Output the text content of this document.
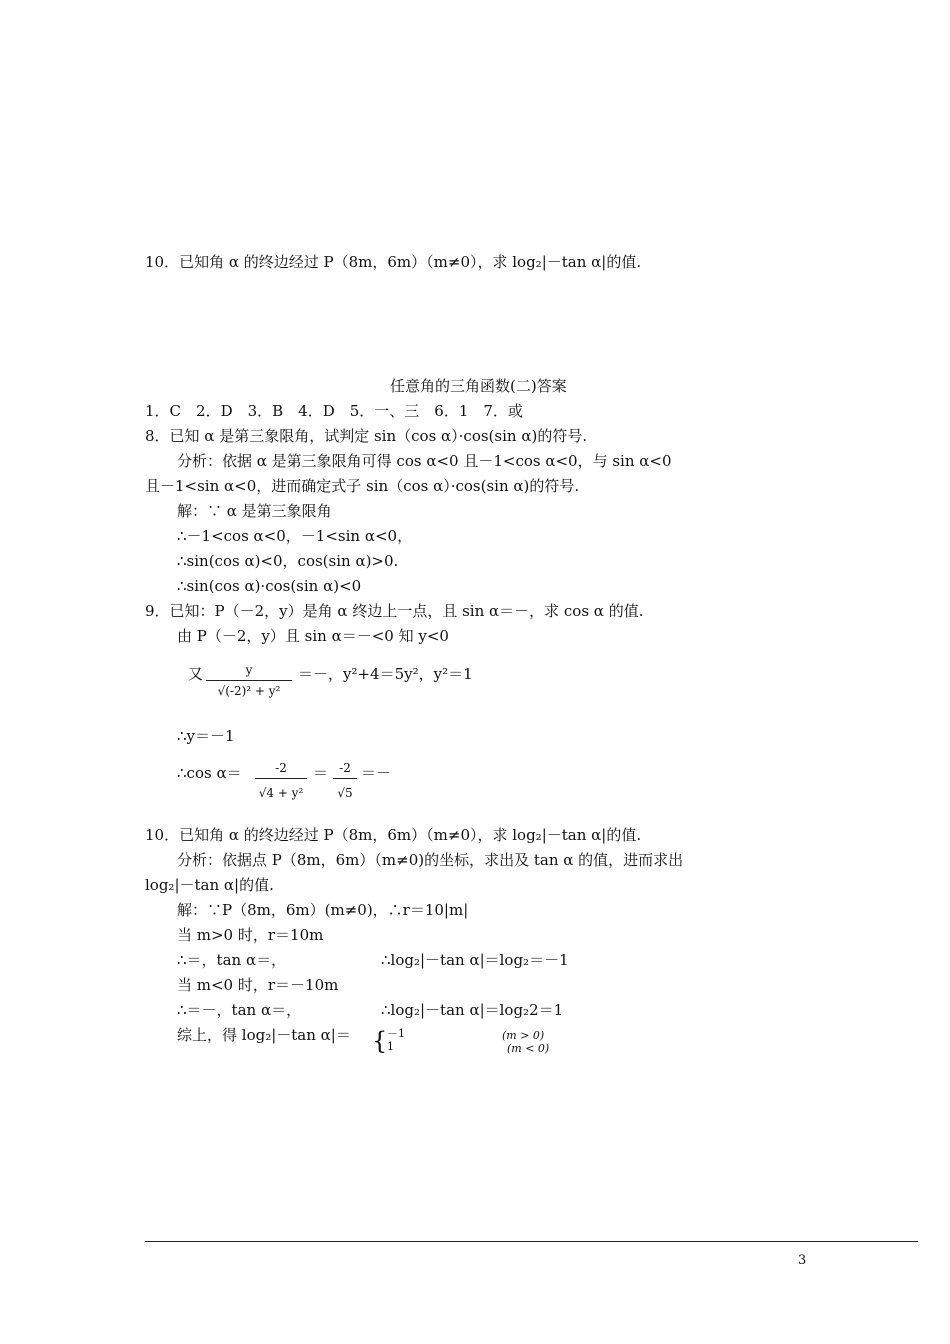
10．已知角 α 的终边经过 P（8m，6m）（m≠0），求 log₂|－tan α|的值.
任意角的三角函数(二)答案
1．C　2．D　3．B　4．D　5．一、三　6．1　7．或
8．已知 α 是第三象限角，试判定 sin（cos α）·cos(sin α)的符号.
分析：依据 α 是第三象限角可得 cos α<0 且－1<cos α<0，与 sin α<0
且－1<sin α<0，进而确定式子 sin（cos α）·cos(sin α)的符号.
解：∵ α 是第三象限角
∴－1<cos α<0，－1<sin α<0，
∴sin(cos α)<0，cos(sin α)>0.
∴sin(cos α)·cos(sin α)<0
9．已知：P（－2，y）是角 α 终边上一点，且 sin α＝－，求 cos α 的值.
由 P（－2，y）且 sin α＝－<0 知 y<0
又	y
√(-2)² + y²
＝－，y²+4＝5y²，y²＝1
∴y＝－1
∴cos α＝	-2
√4 + y²
＝ -2
√5
＝－
10．已知角 α 的终边经过 P（8m，6m）（m≠0），求 log₂|－tan α|的值.
分析：依据点 P（8m，6m）（m≠0)的坐标，求出及 tan α 的值，进而求出
log₂|－tan α|的值.
解：∵P（8m，6m）(m≠0)，∴r＝10|m|
当 m>0 时，r＝10m
∴＝，tan α＝，	∴log₂|－tan α|＝log₂＝－1
当 m<0 时，r＝－10m
∴＝－，tan α＝，	∴log₂|－tan α|＝log₂2＝1
综上，得 log₂|－tan α|＝ { －1
1
(m > 0)
(m < 0)
3
